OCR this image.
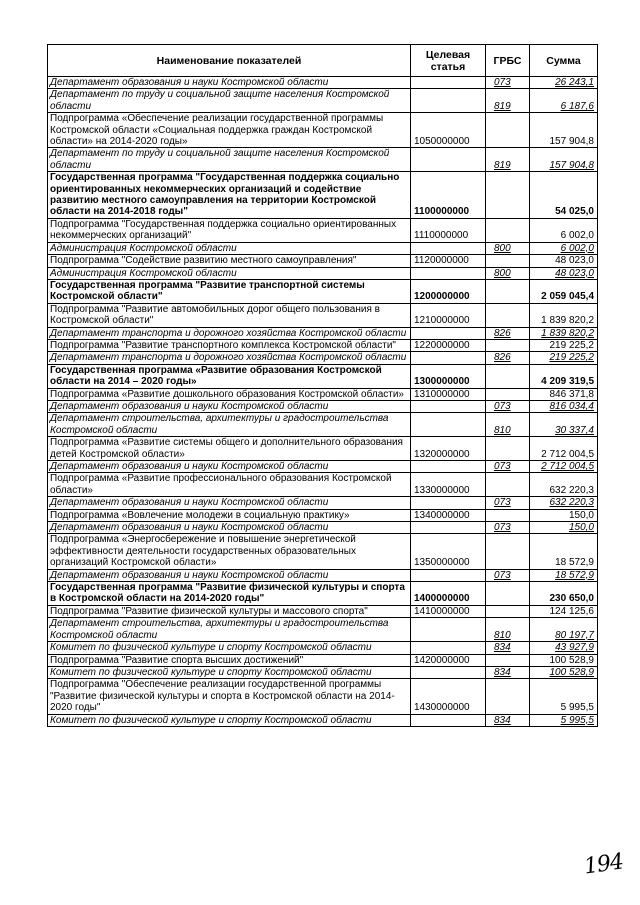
Наименование показателей	Целевая статья	ГРБС	Сумма
Департамент образования и науки Костромской области		073	26 243,1
Департамент по труду и социальной защите населения Костромской области		819	6 187,6
Подпрограмма «Обеспечение реализации государственной программы Костромской области «Социальная поддержка граждан Костромской области» на 2014-2020 годы»	1050000000		157 904,8
Департамент по труду и социальной защите населения Костромской области		819	157 904,8
Государственная программа "Государственная поддержка социально ориентированных некоммерческих организаций и содействие развитию местного самоуправления на территории Костромской области на 2014-2018 годы"	1100000000		54 025,0
Подпрограмма "Государственная поддержка социально ориентированных некоммерческих организаций"	1110000000		6 002,0
Администрация Костромской области		800	6 002,0
Подпрограмма "Содействие развитию местного самоуправления"	1120000000		48 023,0
Администрация Костромской области		800	48 023,0
Государственная программа "Развитие транспортной системы Костромской области"	1200000000		2 059 045,4
Подпрограмма "Развитие автомобильных дорог общего пользования в Костромской области"	1210000000		1 839 820,2
Департамент транспорта и дорожного хозяйства Костромской области		826	1 839 820,2
Подпрограмма "Развитие транспортного комплекса Костромской области"	1220000000		219 225,2
Департамент транспорта и дорожного хозяйства Костромской области		826	219 225,2
Государственная программа «Развитие образования Костромской области на 2014 – 2020 годы»	1300000000		4 209 319,5
Подпрограмма «Развитие дошкольного образования Костромской области»	1310000000		846 371,8
Департамент образования и науки Костромской области		073	816 034,4
Департамент строительства, архитектуры и градостроительства Костромской области		810	30 337,4
Подпрограмма «Развитие системы общего и дополнительного образования детей Костромской области»	1320000000		2 712 004,5
Департамент образования и науки Костромской области		073	2 712 004,5
Подпрограмма «Развитие профессионального образования Костромской области»	1330000000		632 220,3
Департамент образования и науки Костромской области		073	632 220,3
Подпрограмма «Вовлечение молодежи в социальную практику»	1340000000		150,0
Департамент образования и науки Костромской области		073	150,0
Подпрограмма «Энергосбережение и повышение энергетической эффективности деятельности государственных образовательных организаций Костромской области»	1350000000		18 572,9
Департамент образования и науки Костромской области		073	18 572,9
Государственная программа "Развитие физической культуры и спорта в Костромской области на 2014-2020 годы"	1400000000		230 650,0
Подпрограмма "Развитие физической культуры и массового спорта"	1410000000		124 125,6
Департамент строительства, архитектуры и градостроительства Костромской области		810	80 197,7
Комитет по физической культуре и спорту Костромской области		834	43 927,9
Подпрограмма "Развитие спорта высших достижений"	1420000000		100 528,9
Комитет по физической культуре и спорту Костромской области		834	100 528,9
Подпрограмма "Обеспечение реализации государственной программы "Развитие физической культуры и спорта в Костромской области на 2014-2020 годы"	1430000000		5 995,5
Комитет по физической культуре и спорту Костромской области		834	5 995,5
194
